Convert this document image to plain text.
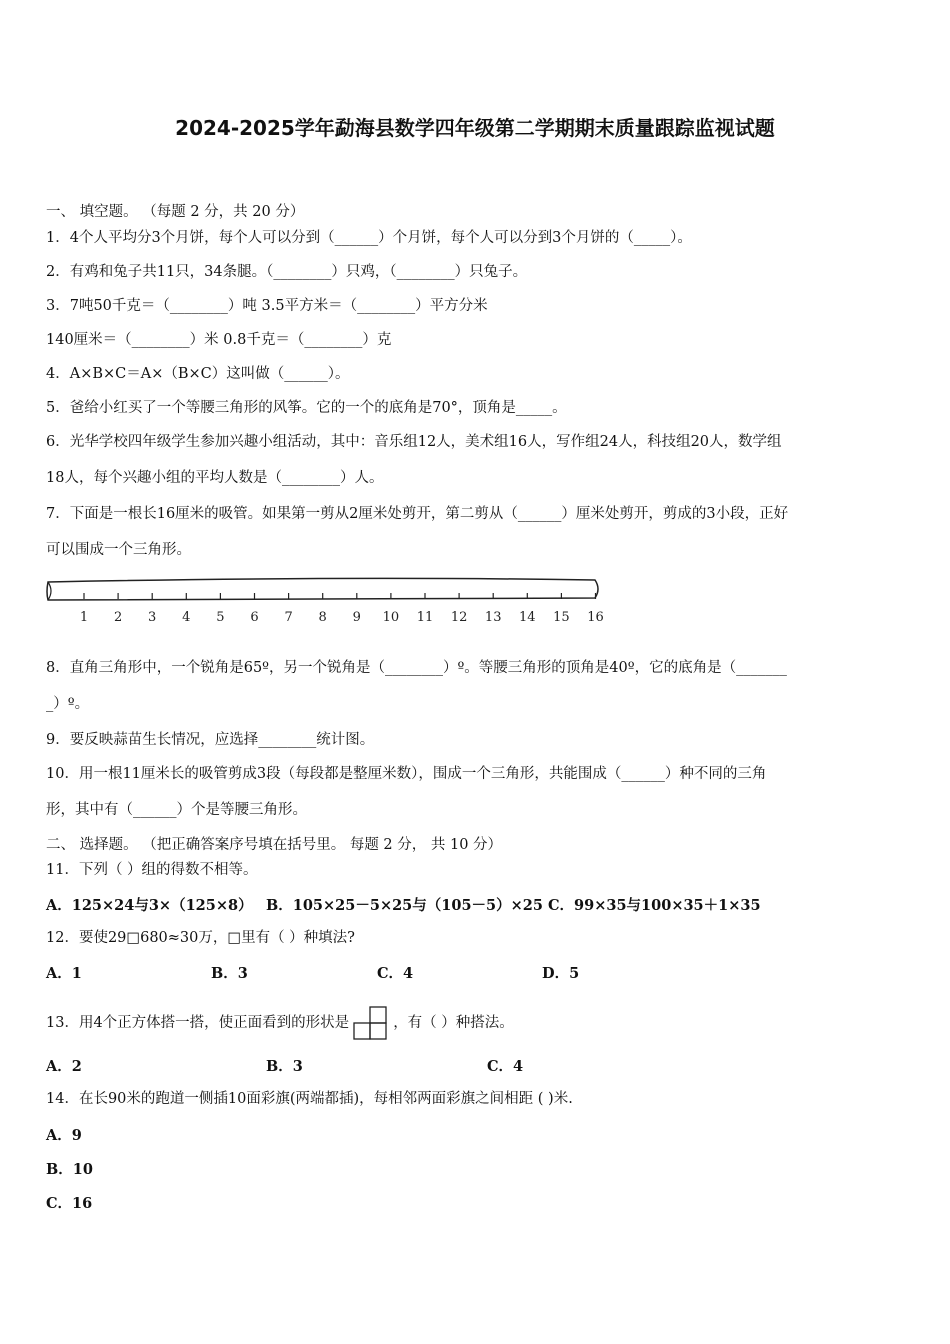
2024-2025学年勐海县数学四年级第二学期期末质量跟踪监视试题
一、 填空题。 （每题 2 分，共 20 分）
1．4个人平均分3个月饼，每个人可以分到（______）个月饼，每个人可以分到3个月饼的（_____）。
2．有鸡和兔子共11只，34条腿。（________）只鸡，（________）只兔子。
3．7吨50千克＝（________）吨 3.5平方米＝（________）平方分米
140厘米＝（________）米 0.8千克＝（________）克
4．A×B×C＝A×（B×C）这叫做（______）。
5．爸给小红买了一个等腰三角形的风筝。它的一个的底角是70°，顶角是_____。
6．光华学校四年级学生参加兴趣小组活动，其中：音乐组12人，美术组16人，写作组24人，科技组20人，数学组
18人，每个兴趣小组的平均人数是（________）人。
7．下面是一根长16厘米的吸管。如果第一剪从2厘米处剪开，第二剪从（______）厘米处剪开，剪成的3小段，正好
可以围成一个三角形。
1 2 3 4 5 6 7 8 9 10 11 12 13 14 15 16
8．直角三角形中，一个锐角是65º，另一个锐角是（________）º。等腰三角形的顶角是40º，它的底角是（_______
_）º。
9．要反映蒜苗生长情况，应选择________统计图。
10．用一根11厘米长的吸管剪成3段（每段都是整厘米数），围成一个三角形，共能围成（______）种不同的三角
形，其中有（______）个是等腰三角形。
二、 选择题。 （把正确答案序号填在括号里。 每题 2 分， 共 10 分）
11．下列（ ）组的得数不相等。
A．125×24与3×（125×8） B．105×25－5×25与（105－5）×25 C．99×35与100×35＋1×35
12．要使29□680≈30万，□里有（ ）种填法?
A．1	B．3	C．4	D．5
13．用4个正方体搭一搭，使正面看到的形状是	，有（ ）种搭法。
A．2	B．3	C．4
14．在长90米的跑道一侧插10面彩旗(两端都插)，每相邻两面彩旗之间相距 ( )米.
A．9
B．10
C．16
